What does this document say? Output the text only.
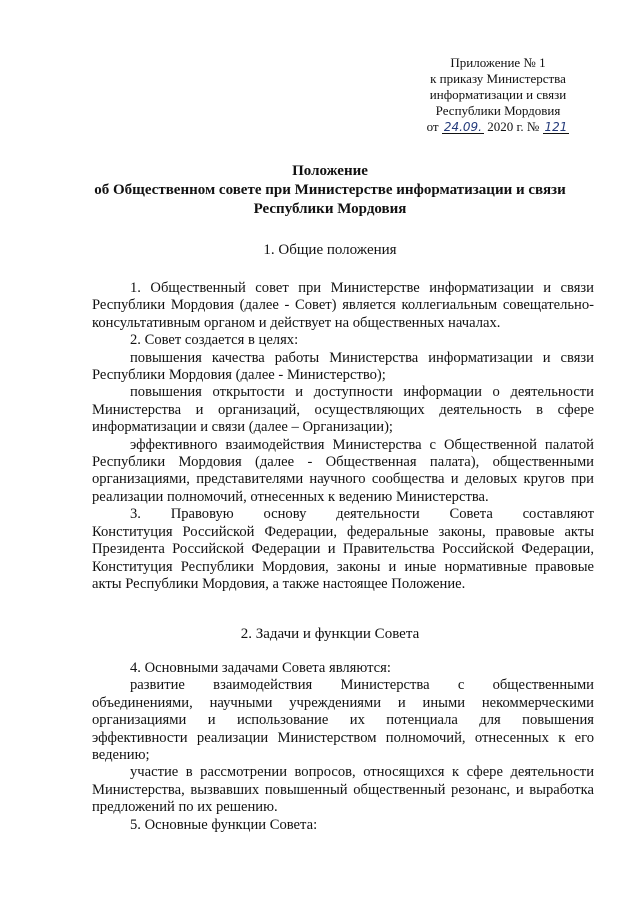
Приложение № 1
к приказу Министерства
информатизации и связи
Республики Мордовия
от 24.09. 2020 г. № 121
Положение
об Общественном совете при Министерстве информатизации и связи
Республики Мордовия
1. Общие положения

1. Общественный совет при Министерстве информатизации и связи
Республики Мордовия (далее - Совет) является коллегиальным совещательно-
консультативным органом и действует на общественных началах.

2. Совет создается в целях:

повышения качества работы Министерства информатизации и связи
Республики Мордовия (далее - Министерство);

повышения открытости и доступности информации о деятельности
Министерства и организаций, осуществляющих деятельность в сфере
информатизации и связи (далее – Организации);

эффективного взаимодействия Министерства с Общественной палатой
Республики Мордовия (далее - Общественная палата), общественными
организациями, представителями научного сообщества и деловых кругов при
реализации полномочий, отнесенных к ведению Министерства.

3.     Правовую     основу     деятельности     Совета     составляют
Конституция Российской Федерации, федеральные законы, правовые акты
Президента Российской Федерации и Правительства Российской Федерации,
Конституция Республики Мордовия, законы и иные нормативные правовые
акты Республики Мордовия, а также настоящее Положение.

2. Задачи и функции Совета

4. Основными задачами Совета являются:

развитие     взаимодействия     Министерства     с     общественными
объединениями, научными учреждениями и иными некоммерческими
организациями и использование их потенциала для повышения
эффективности реализации Министерством полномочий, отнесенных к его
ведению;

участие в рассмотрении вопросов, относящихся к сфере деятельности
Министерства, вызвавших повышенный общественный резонанс, и выработка
предложений по их решению.

5. Основные функции Совета:
